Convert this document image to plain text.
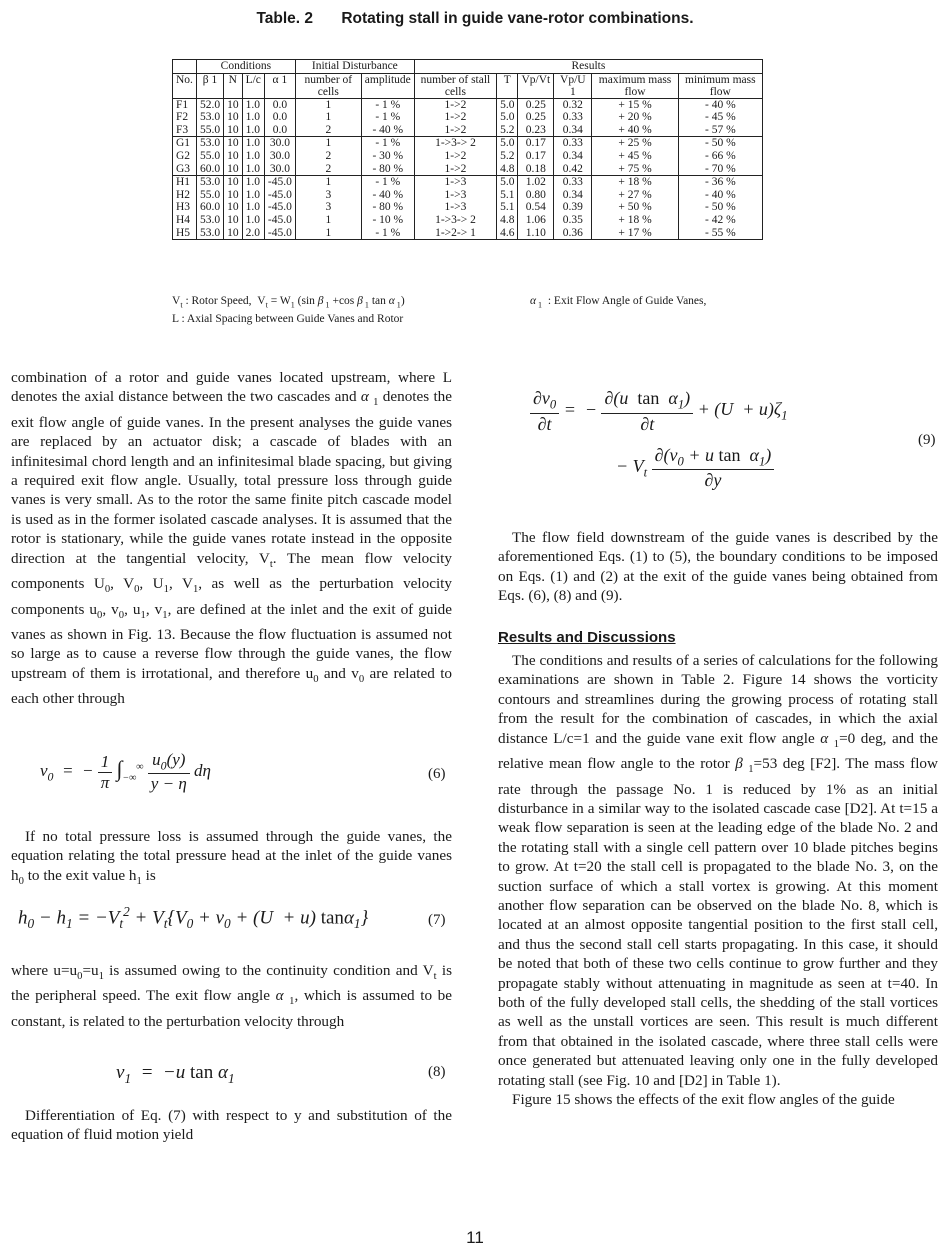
Table. 2 Rotating stall in guide vane-rotor combinations.
	Conditions				Initial Disturbance		Results					
No.	β 1	N	L/c	α 1	number of cells	amplitude	number of stall cells	T	Vp/Vt	Vp/U 1	maximum mass flow	minimum mass flow
F1	52.0	10	1.0	0.0	1	- 1 %	1->2	5.0	0.25	0.32	+ 15 %	- 40 %
F2	53.0	10	1.0	0.0	1	- 1 %	1->2	5.0	0.25	0.33	+ 20 %	- 45 %
F3	55.0	10	1.0	0.0	2	- 40 %	1->2	5.2	0.23	0.34	+ 40 %	- 57 %
G1	53.0	10	1.0	30.0	1	- 1 %	1->3-> 2	5.0	0.17	0.33	+ 25 %	- 50 %
G2	55.0	10	1.0	30.0	2	- 30 %	1->2	5.2	0.17	0.34	+ 45 %	- 66 %
G3	60.0	10	1.0	30.0	2	- 80 %	1->2	4.8	0.18	0.42	+ 75 %	- 70 %
H1	53.0	10	1.0	-45.0	1	- 1 %	1->3	5.0	1.02	0.33	+ 18 %	- 36 %
H2	55.0	10	1.0	-45.0	3	- 40 %	1->3	5.1	0.80	0.34	+ 27 %	- 40 %
H3	60.0	10	1.0	-45.0	3	- 80 %	1->3	5.1	0.54	0.39	+ 50 %	- 50 %
H4	53.0	10	1.0	-45.0	1	- 10 %	1->3-> 2	4.8	1.06	0.35	+ 18 %	- 42 %
H5	53.0	10	2.0	-45.0	1	- 1 %	1->2-> 1	4.6	1.10	0.36	+ 17 %	- 55 %
$V_t$ : Rotor Speed,  $V_t = W_1$ (sin β $_1$ +cos β $_1$ tan α $_1$)	α $_1$  : Exit Flow Angle of Guide Vanes,
L : Axial Spacing between Guide Vanes and Rotor

combination of a rotor and guide vanes located upstream, where L denotes the axial distance between the two cascades and α $_1$ denotes the exit flow angle of guide vanes. In the present analyses the guide vanes are replaced by an actuator disk; a cascade of blades with an infinitesimal chord length and an infinitesimal blade spacing, but giving a required exit flow angle. Usually, total pressure loss through guide vanes is very small. As to the rotor the same finite pitch cascade model is used as in the former isolated cascade analyses. It is assumed that the rotor is stationary, while the guide vanes rotate instead in the opposite direction at the tangential velocity, $V_t$. The mean flow velocity components $U_0$, $V_0$, $U_1$, $V_1$, as well as the perturbation velocity components $u_0$, $v_0$, $u_1$, $v_1$, are defined at the inlet and the exit of guide vanes as shown in Fig. 13. Because the flow fluctuation is assumed not so large as to cause a reverse flow through the guide vanes, the flow upstream of them is irrotational, and therefore $u_0$ and $v_0$ are related to each other through

$v_0$  =  − $\frac{1}{\pi} \int_{-\infty}^\infty \frac{u_0(y)}{y - \eta}$ dη	(6)

If no total pressure loss is assumed through the guide vanes, the equation relating the total pressure head at the inlet of the guide vanes $h_0$ to the exit value $h_1$ is

$h_0 - h_1 = -V_t^2 + V_t\{V_0 + v_0 + (U + u)$ tanα$_1$}	(7)

where $u=u_0=u_1$ is assumed owing to the continuity condition and $V_t$ is the peripheral speed. The exit flow angle α $_1$, which is assumed to be constant, is related to the perturbation velocity through

$v_1 = -u$ $\tan \alpha_1$	(8)

Differentiation of Eq. (7) with respect to y and substitution of the equation of fluid motion yield

$\frac{\partial v_0}{\partial t}$ =  − $\frac{\partial(u \tan \alpha_1)}{\partial t} + (U + u)\zeta_1$
− $V_t \frac{\partial(v_0 + u \tan \alpha_1)}{\partial y}$
(9)

The flow field downstream of the guide vanes is described by the aforementioned Eqs. (1) to (5), the boundary conditions to be imposed on Eqs. (1) and (2) at the exit of the guide vanes being obtained from Eqs. (6), (8) and (9).

Results and Discussions

The conditions and results of a series of calculations for the following examinations are shown in Table 2. Figure 14 shows the vorticity contours and streamlines during the growing process of rotating stall from the result for the combination of cascades, in which the axial distance L/c=1 and the guide vane exit flow angle α $_1$=0 deg, and the relative mean flow angle to the rotor β $_1$=53 deg [F2]. The mass flow rate through the passage No. 1 is reduced by 1% as an initial disturbance in a similar way to the isolated cascade case [D2]. At t=15 a weak flow separation is seen at the leading edge of the blade No. 2 and the rotating stall with a single cell pattern over 10 blade pitches begins to grow. At t=20 the stall cell is propagated to the blade No. 3, on the suction surface of which a stall vortex is growing. At this moment another flow separation can be observed on the blade No. 8, which is located at an almost opposite tangential position to the first stall cell, and thus the second stall cell starts propagating. In this case, it should be noted that both of these two cells continue to grow further and they propagate stably without attenuating in magnitude as seen at t=40. In both of the fully developed stall cells, the shedding of the stall vortices as well as the unstall vortices are seen. This result is much different from that obtained in the isolated cascade, where three stall cells were once generated but attenuated leaving only one in the fully developed rotating stall (see Fig. 10 and [D2] in Table 1).

Figure 15 shows the effects of the exit flow angles of the guide

11
